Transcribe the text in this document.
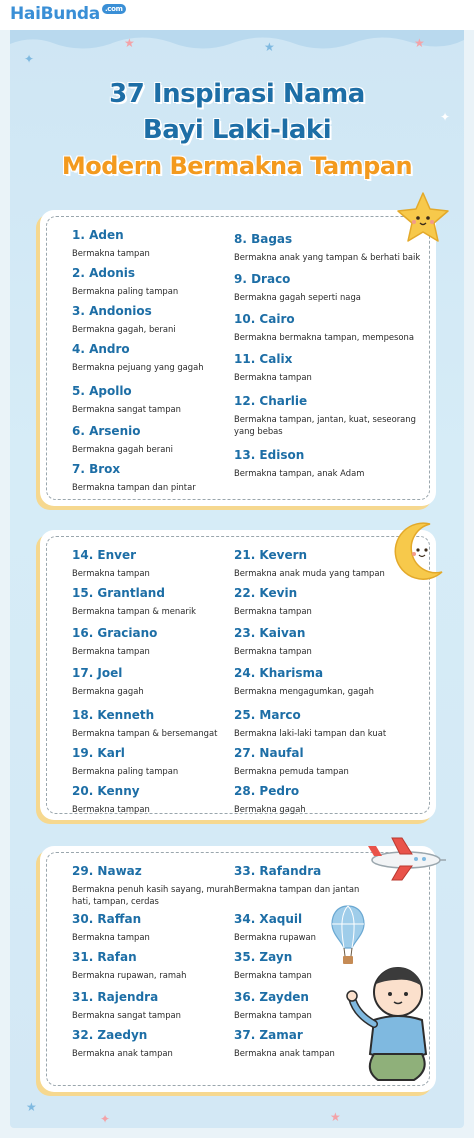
HaiBunda .com
★	★	★
✦
✦
★
✦	★
37 Inspirasi Nama
Bayi Laki-laki
Modern Bermakna Tampan
1. Aden
Bermakna tampan
2. Adonis
Bermakna paling tampan
3. Andonios
Bermakna gagah, berani
4. Andro
Bermakna pejuang yang gagah
5. Apollo
Bermakna sangat tampan
6. Arsenio
Bermakna gagah berani
7. Brox
Bermakna tampan dan pintar
8. Bagas
Bermakna anak yang tampan & berhati baik
9. Draco
Bermakna gagah seperti naga
10. Cairo
Bermakna bermakna tampan, mempesona
11. Calix
Bermakna tampan
12. Charlie
Bermakna tampan, jantan, kuat, seseorang yang bebas
13. Edison
Bermakna tampan, anak Adam
14. Enver
Bermakna tampan
15. Grantland
Bermakna tampan & menarik
16. Graciano
Bermakna tampan
17. Joel
Bermakna gagah
18. Kenneth
Bermakna tampan & bersemangat
19. Karl
Bermakna paling tampan
20. Kenny
Bermakna tampan
21. Kevern
Bermakna anak muda yang tampan
22. Kevin
Bermakna tampan
23. Kaivan
Bermakna tampan
24. Kharisma
Bermakna mengagumkan, gagah
25. Marco
Bermakna laki-laki tampan dan kuat
27. Naufal
Bermakna pemuda tampan
28. Pedro
Bermakna gagah
29. Nawaz
Bermakna penuh kasih sayang, murah hati, tampan, cerdas
30. Raffan
Bermakna tampan
31. Rafan
Bermakna rupawan, ramah
31. Rajendra
Bermakna sangat tampan
32. Zaedyn
Bermakna anak tampan
33. Rafandra
Bermakna tampan dan jantan
34. Xaquil
Bermakna rupawan
35. Zayn
Bermakna tampan
36. Zayden
Bermakna tampan
37. Zamar
Bermakna anak tampan
